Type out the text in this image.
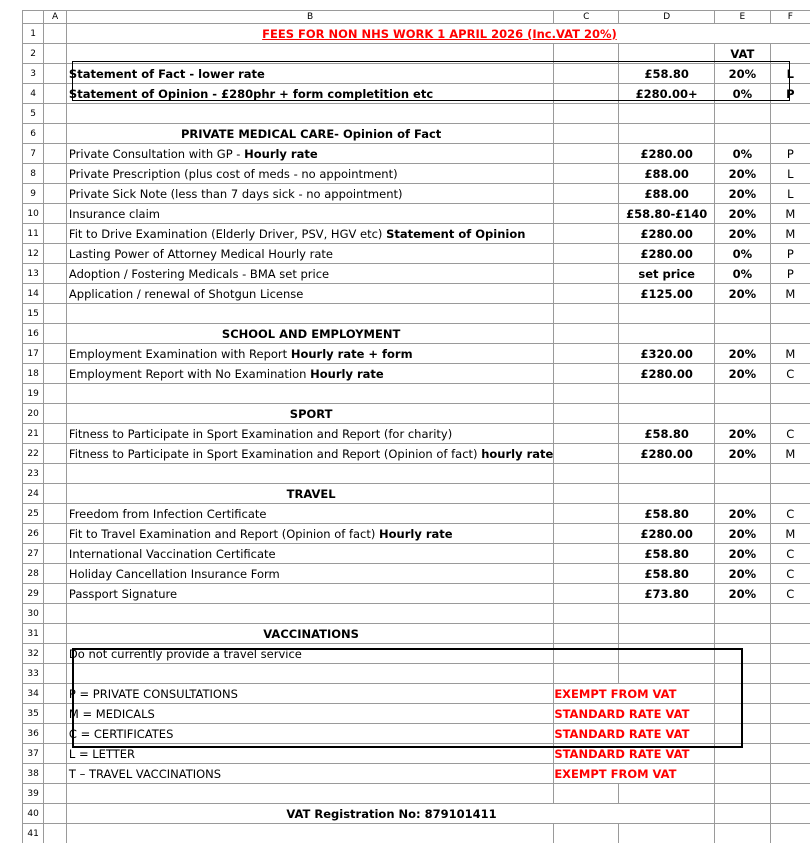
	A	B	C	D	E	F
1		FEES FOR NON NHS WORK 1 APRIL 2026 (Inc.VAT 20%)				
2					VAT	
3		Statement of Fact - lower rate		£58.80	20%	L
4		Statement of Opinion - £280phr + form completition etc		£280.00+	0%	P
5						
6		PRIVATE MEDICAL CARE- Opinion of Fact				
7		Private Consultation with GP - Hourly rate		£280.00	0%	P
8		Private Prescription (plus cost of meds - no appointment)		£88.00	20%	L
9		Private Sick Note (less than 7 days sick - no appointment)		£88.00	20%	L
10		Insurance claim		£58.80-£140	20%	M
11		Fit to Drive Examination (Elderly Driver, PSV, HGV etc) Statement of Opinion		£280.00	20%	M
12		Lasting Power of Attorney Medical Hourly rate		£280.00	0%	P
13		Adoption / Fostering Medicals - BMA set price		set price	0%	P
14		Application / renewal of Shotgun License		£125.00	20%	M
15						
16		SCHOOL AND EMPLOYMENT				
17		Employment Examination with Report Hourly rate + form		£320.00	20%	M
18		Employment Report with No Examination Hourly rate		£280.00	20%	C
19						
20		SPORT				
21		Fitness to Participate in Sport Examination and Report (for charity)		£58.80	20%	C
22		Fitness to Participate in Sport Examination and Report (Opinion of fact) hourly rate		£280.00	20%	M
23						
24		TRAVEL				
25		Freedom from Infection Certificate		£58.80	20%	C
26		Fit to Travel Examination and Report (Opinion of fact) Hourly rate		£280.00	20%	M
27		International Vaccination Certificate		£58.80	20%	C
28		Holiday Cancellation Insurance Form		£58.80	20%	C
29		Passport Signature		£73.80	20%	C
30						
31		VACCINATIONS				
32		Do not currently provide a travel service				
33						
34		P = PRIVATE CONSULTATIONS	EXEMPT FROM VAT			
35		M = MEDICALS	STANDARD RATE VAT			
36		C = CERTIFICATES	STANDARD RATE VAT			
37		L = LETTER	STANDARD RATE VAT			
38		T – TRAVEL VACCINATIONS	EXEMPT FROM VAT			
39						
40		VAT Registration No: 879101411				
41						
